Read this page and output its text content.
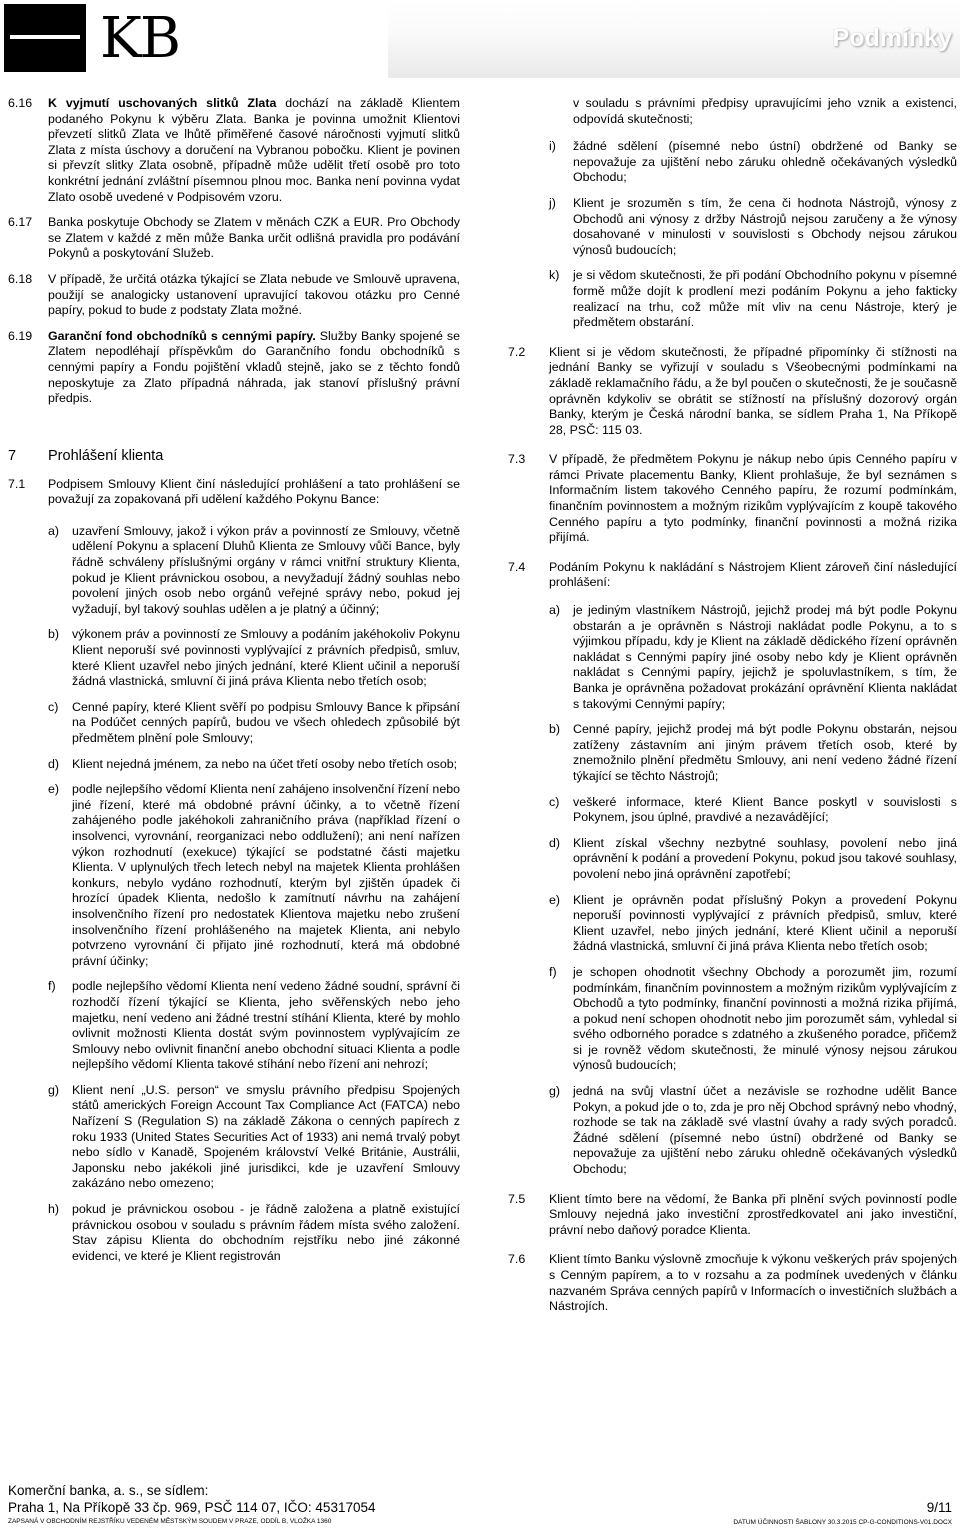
KB	Podmínky
6.16 K vyjmutí uschovaných slitků Zlata dochází na základě Klientem podaného Pokynu k výběru Zlata. Banka je povinna umožnit Klientovi převzetí slitků Zlata ve lhůtě přiměřené časové náročnosti vyjmutí slitků Zlata z místa úschovy a doručení na Vybranou pobočku. Klient je povinen si převzít slitky Zlata osobně, případně může udělit třetí osobě pro toto konkrétní jednání zvláštní písemnou plnou moc. Banka není povinna vydat Zlato osobě uvedené v Podpisovém vzoru.
6.17 Banka poskytuje Obchody se Zlatem v měnách CZK a EUR. Pro Obchody se Zlatem v každé z měn může Banka určit odlišná pravidla pro podávání Pokynů a poskytování Služeb.
6.18 V případě, že určitá otázka týkající se Zlata nebude ve Smlouvě upravena, použijí se analogicky ustanovení upravující takovou otázku pro Cenné papíry, pokud to bude z podstaty Zlata možné.
6.19 Garanční fond obchodníků s cennými papíry. Služby Banky spojené se Zlatem nepodléhají příspěvkům do Garančního fondu obchodníků s cennými papíry a Fondu pojištění vkladů stejně, jako se z těchto fondů neposkytuje za Zlato případná náhrada, jak stanoví příslušný právní předpis.
7 Prohlášení klienta
7.1 Podpisem Smlouvy Klient činí následující prohlášení a tato prohlášení se považují za zopakovaná při udělení každého Pokynu Bance:
a) uzavření Smlouvy, jakož i výkon práv a povinností ze Smlouvy, včetně udělení Pokynu a splacení Dluhů Klienta ze Smlouvy vůči Bance, byly řádně schváleny příslušnými orgány v rámci vnitřní struktury Klienta, pokud je Klient právnickou osobou, a nevyžadují žádný souhlas nebo povolení jiných osob nebo orgánů veřejné správy nebo, pokud jej vyžadují, byl takový souhlas udělen a je platný a účinný;
b) výkonem práv a povinností ze Smlouvy a podáním jakéhokoliv Pokynu Klient neporuší své povinnosti vyplývající z právních předpisů, smluv, které Klient uzavřel nebo jiných jednání, které Klient učinil a neporuší žádná vlastnická, smluvní či jiná práva Klienta nebo třetích osob;
c) Cenné papíry, které Klient svěří po podpisu Smlouvy Bance k připsání na Podúčet cenných papírů, budou ve všech ohledech způsobilé být předmětem plnění pole Smlouvy;
d) Klient nejedná jménem, za nebo na účet třetí osoby nebo třetích osob;
e) podle nejlepšího vědomí Klienta není zahájeno insolvenční řízení nebo jiné řízení, které má obdobné právní účinky, a to včetně řízení zahájeného podle jakéhokoli zahraničního práva (například řízení o insolvenci, vyrovnání, reorganizaci nebo oddlužení); ani není nařízen výkon rozhodnutí (exekuce) týkající se podstatné části majetku Klienta. V uplynulých třech letech nebyl na majetek Klienta prohlášen konkurs, nebylo vydáno rozhodnutí, kterým byl zjištěn úpadek či hrozící úpadek Klienta, nedošlo k zamítnutí návrhu na zahájení insolvenčního řízení pro nedostatek Klientova majetku nebo zrušení insolvenčního řízení prohlášeného na majetek Klienta, ani nebylo potvrzeno vyrovnání či přijato jiné rozhodnutí, která má obdobné právní účinky;
f) podle nejlepšího vědomí Klienta není vedeno žádné soudní, správní či rozhodčí řízení týkající se Klienta, jeho svěřenských nebo jeho majetku, není vedeno ani žádné trestní stíhání Klienta, které by mohlo ovlivnit možnosti Klienta dostát svým povinnostem vyplývajícím ze Smlouvy nebo ovlivnit finanční anebo obchodní situaci Klienta a podle nejlepšího vědomí Klienta takové stíhání nebo řízení ani nehrozí;
g) Klient není „U.S. person“ ve smyslu právního předpisu Spojených států amerických Foreign Account Tax Compliance Act (FATCA) nebo Nařízení S (Regulation S) na základě Zákona o cenných papírech z roku 1933 (United States Securities Act of 1933) ani nemá trvalý pobyt nebo sídlo v Kanadě, Spojeném království Velké Británie, Austrálii, Japonsku nebo jakékoli jiné jurisdikci, kde je uzavření Smlouvy zakázáno nebo omezeno;
h) pokud je právnickou osobou - je řádně založena a platně existující právnickou osobou v souladu s právním řádem místa svého založení. Stav zápisu Klienta do obchodním rejstříku nebo jiné zákonné evidenci, ve které je Klient registrován
v souladu s právními předpisy upravujícími jeho vznik a existenci, odpovídá skutečnosti;
i) žádné sdělení (písemné nebo ústní) obdržené od Banky se nepovažuje za ujištění nebo záruku ohledně očekávaných výsledků Obchodu;
j) Klient je srozuměn s tím, že cena či hodnota Nástrojů, výnosy z Obchodů ani výnosy z držby Nástrojů nejsou zaručeny a že výnosy dosahované v minulosti v souvislosti s Obchody nejsou zárukou výnosů budoucích;
k) je si vědom skutečnosti, že při podání Obchodního pokynu v písemné formě může dojít k prodlení mezi podáním Pokynu a jeho fakticky realizací na trhu, což může mít vliv na cenu Nástroje, který je předmětem obstarání.
7.2 Klient si je vědom skutečnosti, že případné připomínky či stížnosti na jednání Banky se vyřizují v souladu s Všeobecnými podmínkami na základě reklamačního řádu, a že byl poučen o skutečnosti, že je současně oprávněn kdykoliv se obrátit se stížností na příslušný dozorový orgán Banky, kterým je Česká národní banka, se sídlem Praha 1, Na Příkopě 28, PSČ: 115 03.
7.3 V případě, že předmětem Pokynu je nákup nebo úpis Cenného papíru v rámci Private placementu Banky, Klient prohlašuje, že byl seznámen s Informačním listem takového Cenného papíru, že rozumí podmínkám, finančním povinnostem a možným rizikům vyplývajícím z koupě takového Cenného papíru a tyto podmínky, finanční povinnosti a možná rizika přijímá.
7.4 Podáním Pokynu k nakládání s Nástrojem Klient zároveň činí následující prohlášení:
a) je jediným vlastníkem Nástrojů, jejichž prodej má být podle Pokynu obstarán a je oprávněn s Nástroji nakládat podle Pokynu, a to s výjimkou případu, kdy je Klient na základě dědického řízení oprávněn nakládat s Cennými papíry jiné osoby nebo kdy je Klient oprávněn nakládat s Cennými papíry, jejichž je spoluvlastníkem, s tím, že Banka je oprávněna požadovat prokázání oprávnění Klienta nakládat s takovými Cennými papíry;
b) Cenné papíry, jejichž prodej má být podle Pokynu obstarán, nejsou zatíženy zástavním ani jiným právem třetích osob, které by znemožnilo plnění předmětu Smlouvy, ani není vedeno žádné řízení týkající se těchto Nástrojů;
c) veškeré informace, které Klient Bance poskytl v souvislosti s Pokynem, jsou úplné, pravdivé a nezavádějící;
d) Klient získal všechny nezbytné souhlasy, povolení nebo jiná oprávnění k podání a provedení Pokynu, pokud jsou takové souhlasy, povolení nebo jiná oprávnění zapotřebí;
e) Klient je oprávněn podat příslušný Pokyn a provedení Pokynu neporuší povinnosti vyplývající z právních předpisů, smluv, které Klient uzavřel, nebo jiných jednání, které Klient učinil a neporuší žádná vlastnická, smluvní či jiná práva Klienta nebo třetích osob;
f) je schopen ohodnotit všechny Obchody a porozumět jim, rozumí podmínkám, finančním povinnostem a možným rizikům vyplývajícím z Obchodů a tyto podmínky, finanční povinnosti a možná rizika přijímá, a pokud není schopen ohodnotit nebo jim porozumět sám, vyhledal si svého odborného poradce s zdatného a zkušeného poradce, přičemž si je rovněž vědom skutečnosti, že minulé výnosy nejsou zárukou výnosů budoucích;
g) jedná na svůj vlastní účet a nezávisle se rozhodne udělit Bance Pokyn, a pokud jde o to, zda je pro něj Obchod správný nebo vhodný, rozhode se tak na základě své vlastní úvahy a rady svých poradců. Žádné sdělení (písemné nebo ústní) obdržené od Banky se nepovažuje za ujištění nebo záruku ohledně očekávaných výsledků Obchodu;
7.5 Klient tímto bere na vědomí, že Banka při plnění svých povinností podle Smlouvy nejedná jako investiční zprostředkovatel ani jako investiční, právní nebo daňový poradce Klienta.
7.6 Klient tímto Banku výslovně zmocňuje k výkonu veškerých práv spojených s Cenným papírem, a to v rozsahu a za podmínek uvedených v článku nazvaném Správa cenných papírů v Informacích o investičních službách a Nástrojích.
Komerční banka, a. s., se sídlem:
Praha 1, Na Příkopě 33 čp. 969, PSČ 114 07, IČO: 45317054	9/11
ZAPSANÁ V OBCHODNÍM REJSTŘÍKU VEDENÉM MĚSTSKÝM SOUDEM V PRAZE, ODDÍL B, VLOŽKA 1360	DATUM ÚČINNOSTI ŠABLONY 30.3.2015 CP-G-CONDITIONS-V01.DOCX
